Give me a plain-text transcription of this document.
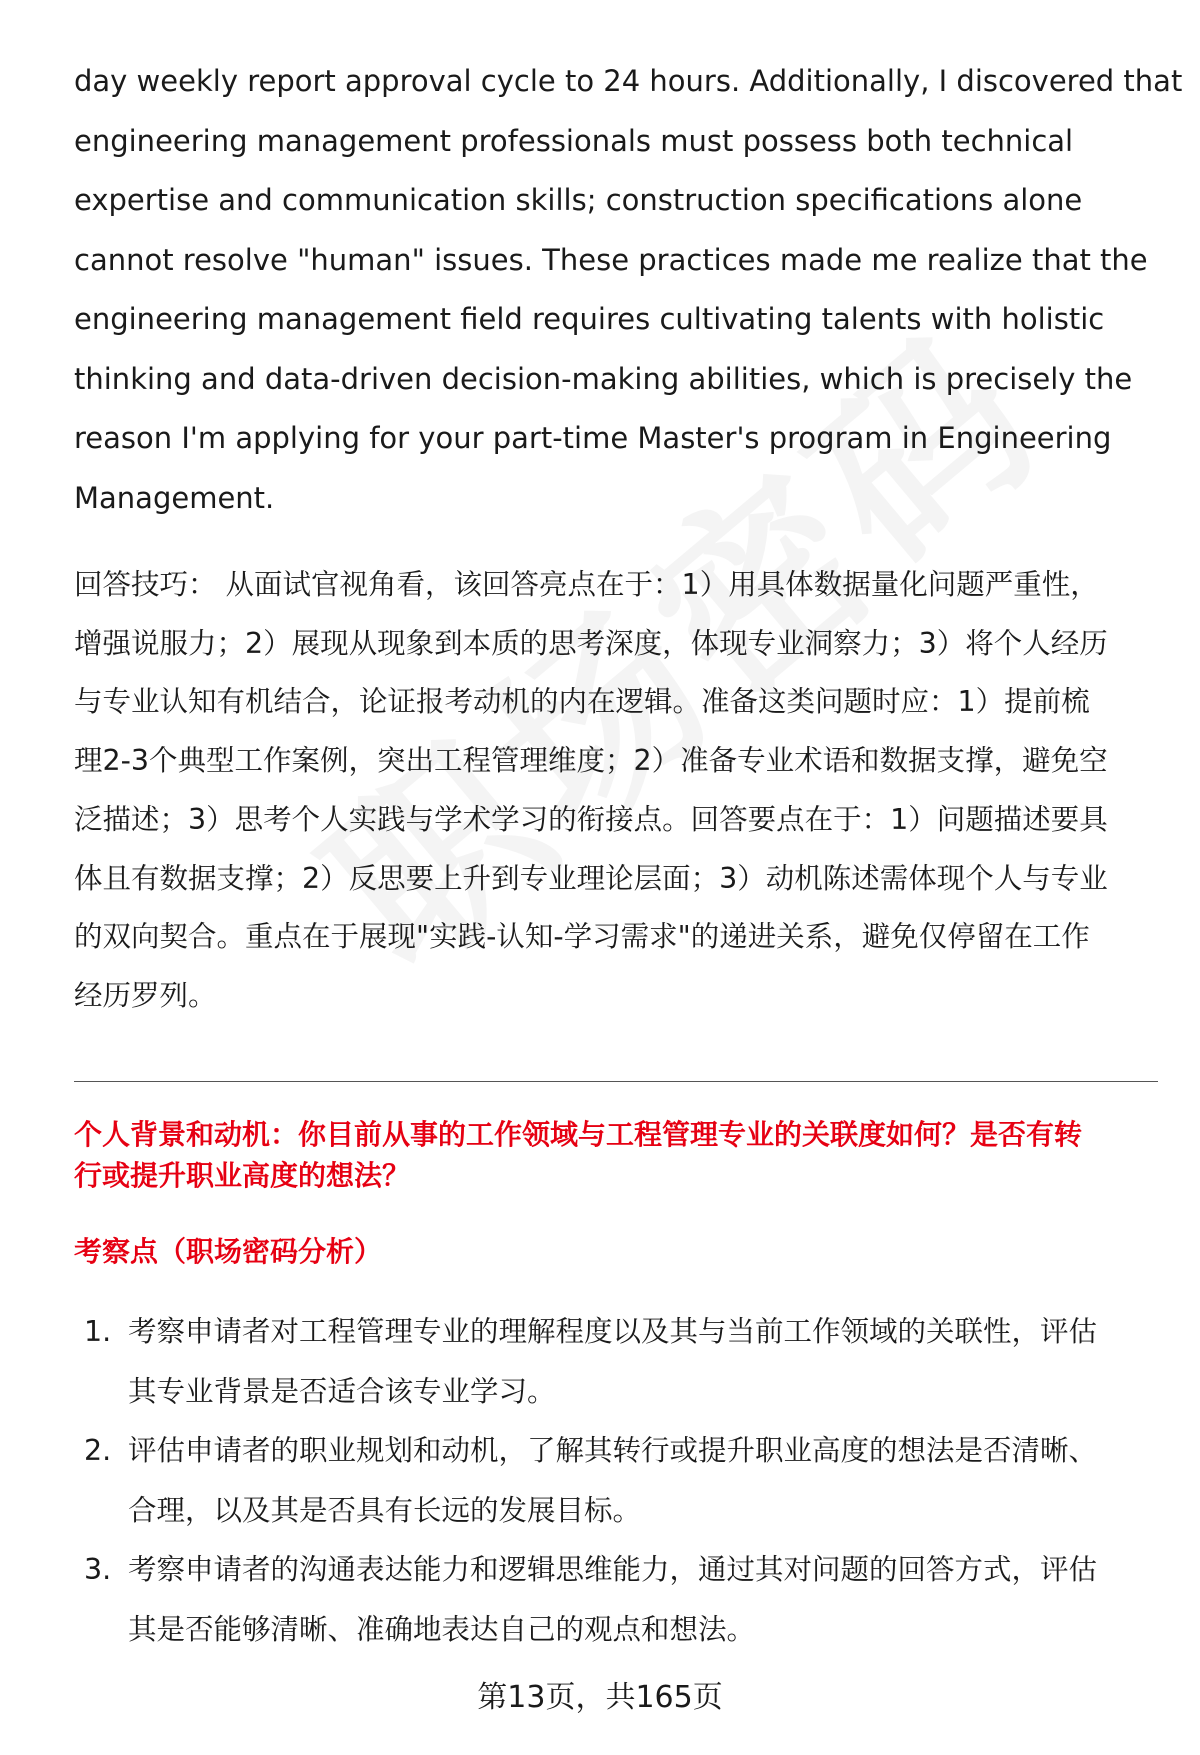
day weekly report approval cycle to 24 hours. Additionally, I discovered that
engineering management professionals must possess both technical
expertise and communication skills; construction specifications alone
cannot resolve "human" issues. These practices made me realize that the
engineering management field requires cultivating talents with holistic
thinking and data-driven decision-making abilities, which is precisely the
reason I'm applying for your part-time Master's program in Engineering
Management.
回答技巧： 从面试官视角看，该回答亮点在于：1）用具体数据量化问题严重性，
增强说服力；2）展现从现象到本质的思考深度，体现专业洞察力；3）将个人经历
与专业认知有机结合，论证报考动机的内在逻辑。准备这类问题时应：1）提前梳
理2-3个典型工作案例，突出工程管理维度；2）准备专业术语和数据支撑，避免空
泛描述；3）思考个人实践与学术学习的衔接点。回答要点在于：1）问题描述要具
体且有数据支撑；2）反思要上升到专业理论层面；3）动机陈述需体现个人与专业
的双向契合。重点在于展现"实践-认知-学习需求"的递进关系，避免仅停留在工作
经历罗列。
个人背景和动机：你目前从事的工作领域与工程管理专业的关联度如何？是否有转
行或提升职业高度的想法？
考察点（职场密码分析）
1. 考察申请者对工程管理专业的理解程度以及其与当前工作领域的关联性，评估
其专业背景是否适合该专业学习。
2. 评估申请者的职业规划和动机，了解其转行或提升职业高度的想法是否清晰、
合理，以及其是否具有长远的发展目标。
3. 考察申请者的沟通表达能力和逻辑思维能力，通过其对问题的回答方式，评估
其是否能够清晰、准确地表达自己的观点和想法。
第13页，共165页
